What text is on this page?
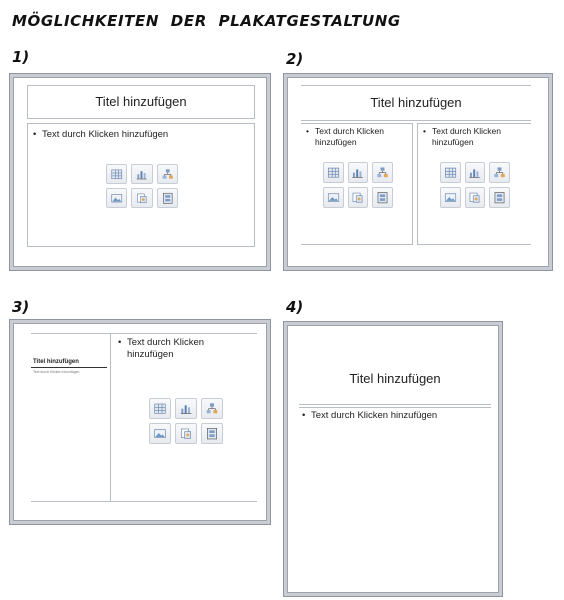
MÖGLICHKEITEN DER PLAKATGESTALTUNG
1)
Titel hinzufügen
• Text durch Klicken hinzufügen
2)
Titel hinzufügen
• Text durch Klicken hinzufügen
• Text durch Klicken hinzufügen
3)
Titel hinzufügen
Text durch Klicken hinzufügen
• Text durch Klicken hinzufügen
4)
Titel hinzufügen
• Text durch Klicken hinzufügen
